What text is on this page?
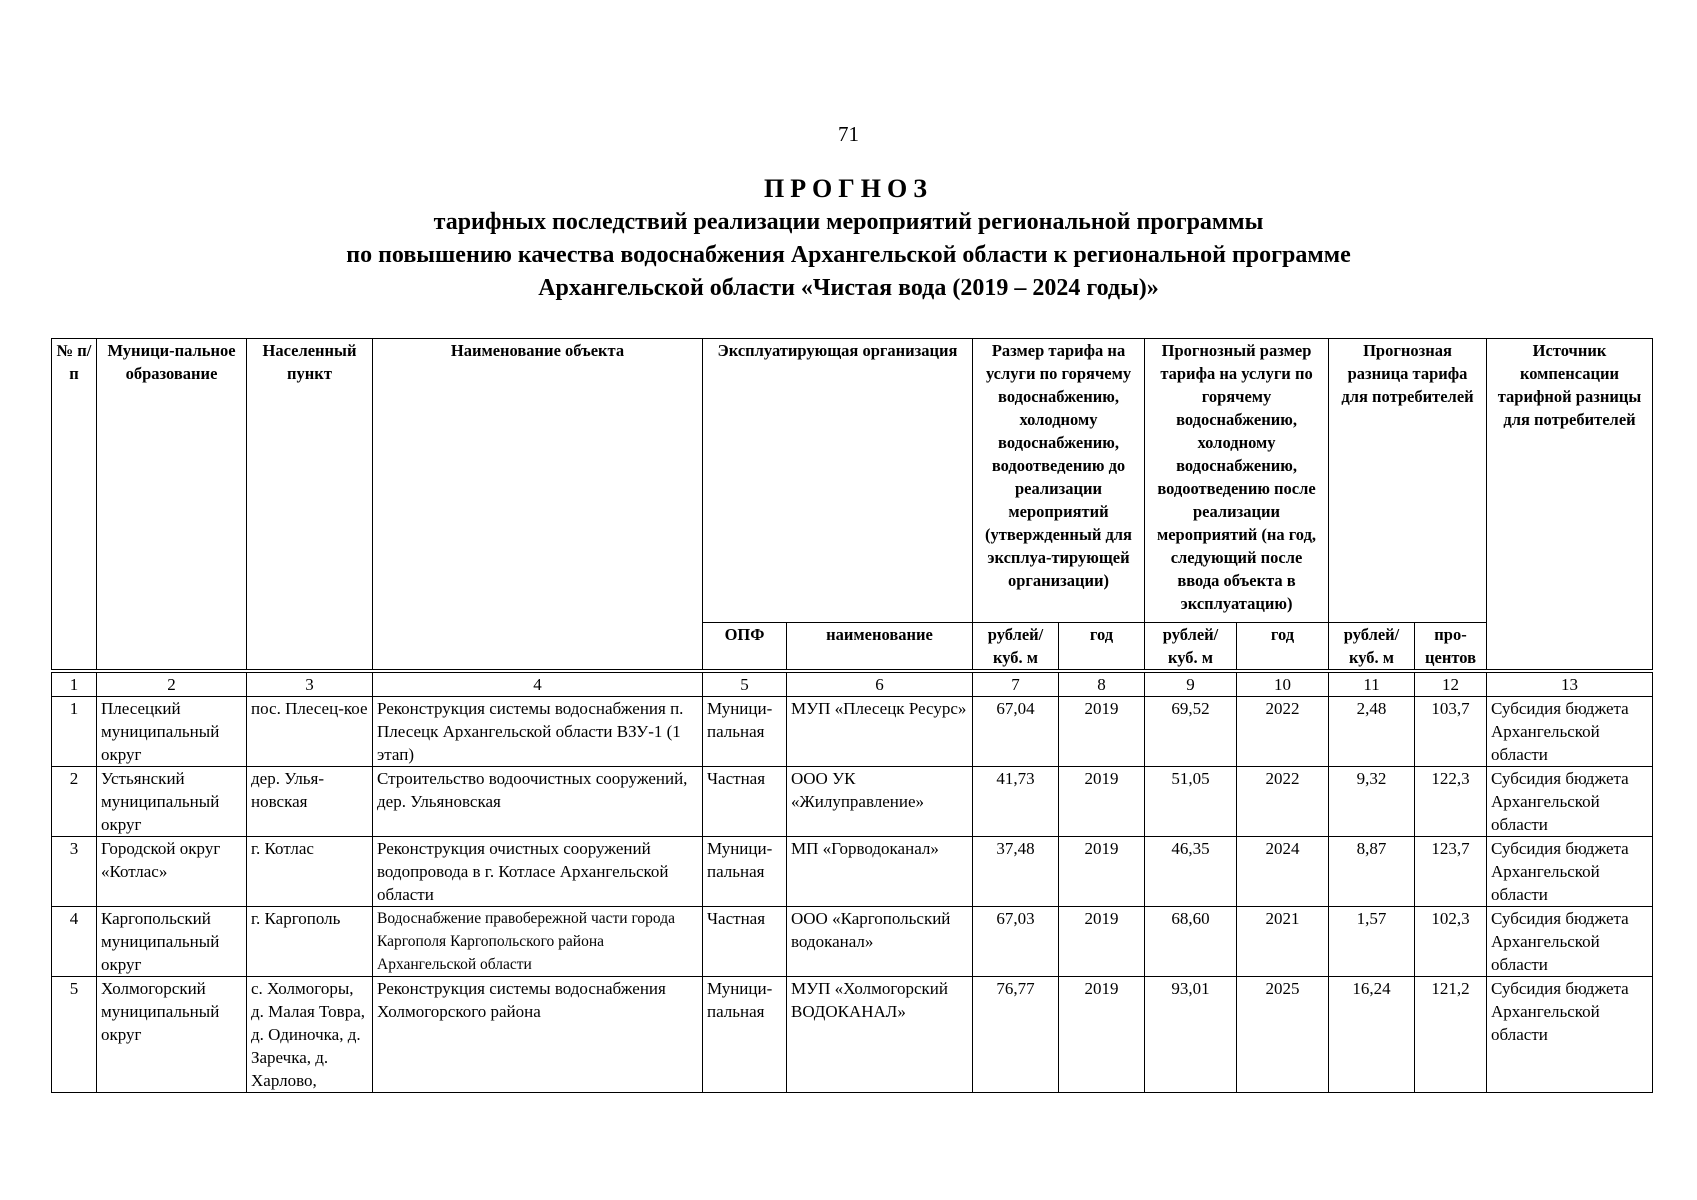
71
ПРОГНОЗ
тарифных последствий реализации мероприятий региональной программы
по повышению качества водоснабжения Архангельской области к региональной программе
Архангельской области «Чистая вода (2019 – 2024 годы)»
№ п/п	Муници-пальное образование	Населенный пункт	Наименование объекта	Эксплуатирующая организация		Размер тарифа на услуги по горячему водоснабжению, холодному водоснабжению, водоотведению до реализации мероприятий (утвержденный для эксплуа-тирующей организации)		Прогнозный размер тарифа на услуги по горячему водоснабжению, холодному водоснабжению, водоотведению после реализации мероприятий (на год, следующий после ввода объекта в эксплуатацию)		Прогнозная разница тарифа для потребителей		Источник компенсации тарифной разницы для потребителей
				ОПФ	наименование	рублей/ куб. м	год	рублей/ куб. м	год	рублей/ куб. м	про-центов	
1	2	3	4	5	6	7	8	9	10	11	12	13
1	Плесецкий муниципальный округ	пос. Плесец-кое	Реконструкция системы водоснабжения п. Плесецк Архангельской области ВЗУ-1 (1 этап)	Муници-пальная	МУП «Плесецк Ресурс»	67,04	2019	69,52	2022	2,48	103,7	Субсидия бюджета Архангельской области
2	Устьянский муниципальный округ	дер. Улья-новская	Строительство водоочистных сооружений, дер. Ульяновская	Частная	ООО УК «Жилуправление»	41,73	2019	51,05	2022	9,32	122,3	Субсидия бюджета Архангельской области
3	Городской округ «Котлас»	г. Котлас	Реконструкция очистных сооружений водопровода в г. Котласе Архангельской области	Муници-пальная	МП «Горводоканал»	37,48	2019	46,35	2024	8,87	123,7	Субсидия бюджета Архангельской области
4	Каргопольский муниципальный округ	г. Каргополь	Водоснабжение правобережной части города Каргополя Каргопольского района Архангельской области	Частная	ООО «Каргопольский водоканал»	67,03	2019	68,60	2021	1,57	102,3	Субсидия бюджета Архангельской области
5	Холмогорский муниципальный округ	с. Холмогоры, д. Малая Товра, д. Одиночка, д. Заречка, д. Харлово,	Реконструкция системы водоснабжения Холмогорского района	Муници-пальная	МУП «Холмогорский ВОДОКАНАЛ»	76,77	2019	93,01	2025	16,24	121,2	Субсидия бюджета Архангельской области
